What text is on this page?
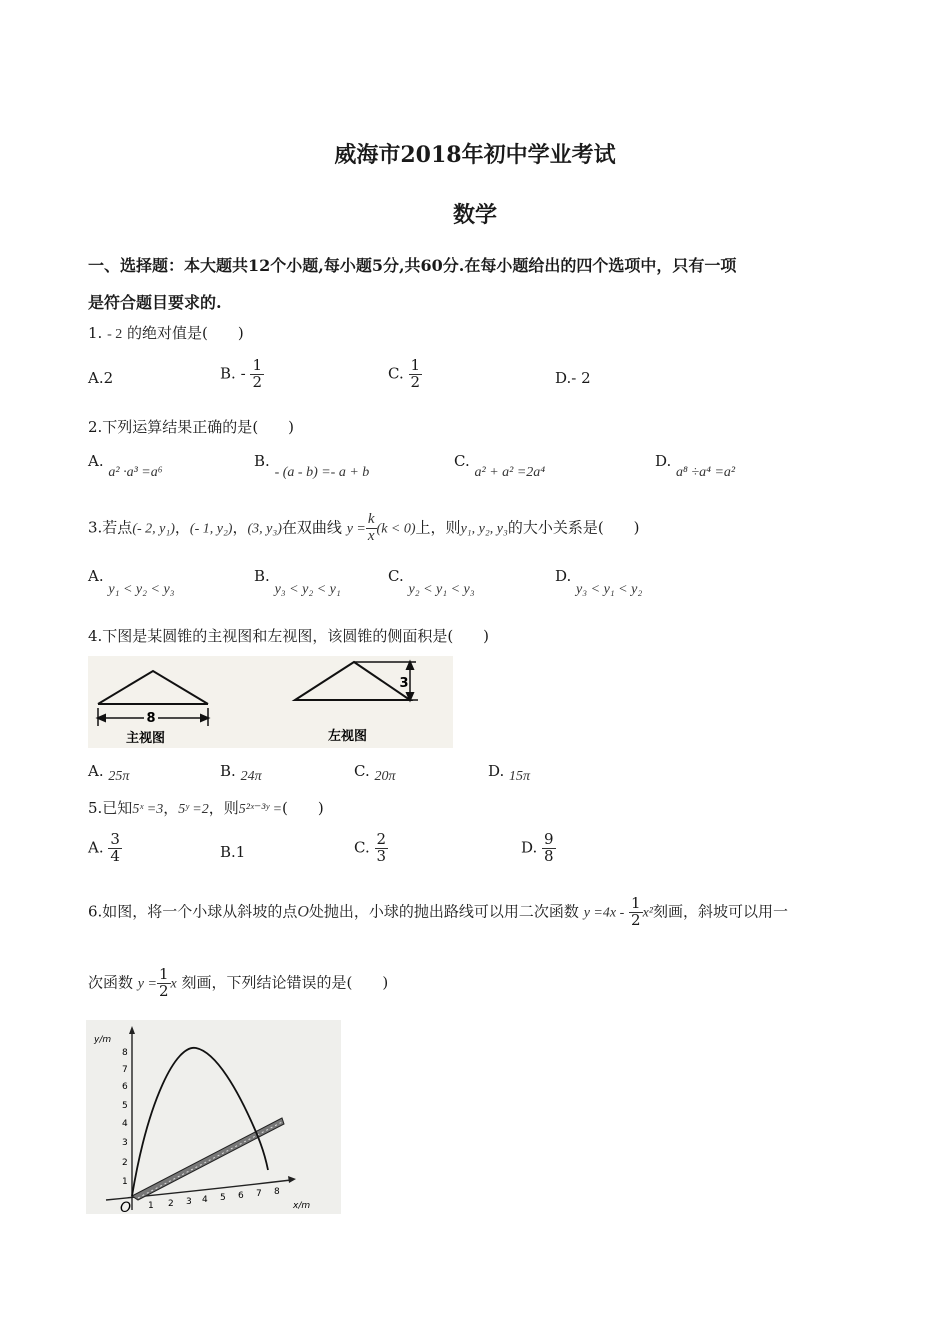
威海市2018年初中学业考试
数学
一、选择题：本大题共12个小题,每小题5分,共60分.在每小题给出的四个选项中，只有一项
是符合题目要求的.
1. - 2 的绝对值是(　　)
A.2	B. - $\frac{1}{2}$	C. $\frac{1}{2}$	D.- 2
2.下列运算结果正确的是(　　)
A. a² ·a³ =a⁶
B. - (a - b) =- a + b
C. a² + a² =2a⁴
D. a⁸ ÷a⁴ =a²
3.若点(- 2, y₁)，(- 1, y₂)，(3, y₃)在双曲线 $y = \frac{k}{x} (k < 0)$上，则y₁, y₂, y₃的大小关系是(　　)
A. y₁ < y₂ < y₃
B. y₃ < y₂ < y₁
C. y₂ < y₁ < y₃
D. y₃ < y₁ < y₂
4.下图是某圆锥的主视图和左视图，该圆锥的侧面积是(　　)
8
主视图
3
左视图
A. 25π	B. 24π	C. 20π	D. 15π
5.已知5ˣ =3，5ʸ =2，则5²ˣ⁻³ʸ =(　　)
A. $\frac{3}{4}$	B.1	C. $\frac{2}{3}$	D. $\frac{9}{8}$
6.如图，将一个小球从斜坡的点O处抛出，小球的抛出路线可以用二次函数 $y =4x - \frac{1}{2} x^2$刻画，斜坡可以用一
次函数 $y = \frac{1}{2}$ x 刻画，下列结论错误的是(　　)
y/m
x/m
O
1
2
3
4
5
6
7
8
1 2 3 4 5 6 7 8
